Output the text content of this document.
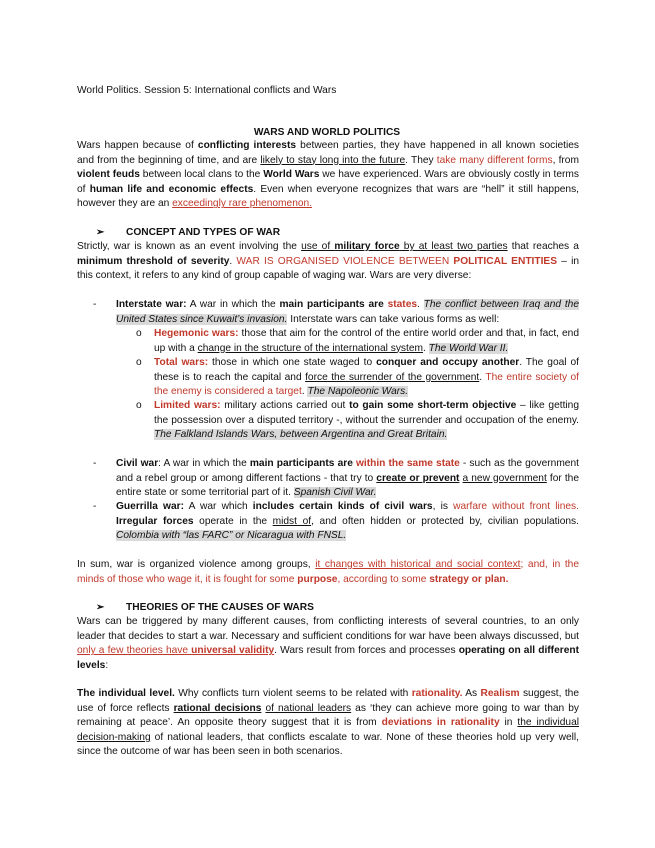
World Politics. Session 5: International conflicts and Wars

WARS AND WORLD POLITICS

Wars happen because of conflicting interests between parties, they have happened in all known societies and from the beginning of time, and are likely to stay long into the future. They take many different forms, from violent feuds between local clans to the World Wars we have experienced. Wars are obviously costly in terms of human life and economic effects. Even when everyone recognizes that wars are “hell” it still happens, however they are an exceedingly rare phenomenon.

➢ CONCEPT AND TYPES OF WAR

Strictly, war is known as an event involving the use of military force by at least two parties that reaches a minimum threshold of severity. WAR IS ORGANISED VIOLENCE BETWEEN POLITICAL ENTITIES – in this context, it refers to any kind of group capable of waging war. Wars are very diverse:

- Interstate war: A war in which the main participants are states. The conflict between Iraq and the United States since Kuwait’s invasion. Interstate wars can take various forms as well:

o Hegemonic wars: those that aim for the control of the entire world order and that, in fact, end up with a change in the structure of the international system. The World War II.

o Total wars: those in which one state waged to conquer and occupy another. The goal of these is to reach the capital and force the surrender of the government. The entire society of the enemy is considered a target. The Napoleonic Wars.

o Limited wars: military actions carried out to gain some short-term objective – like getting the possession over a disputed territory -, without the surrender and occupation of the enemy. The Falkland Islands Wars, between Argentina and Great Britain.

- Civil war: A war in which the main participants are within the same state - such as the government and a rebel group or among different factions - that try to create or prevent a new government for the entire state or some territorial part of it. Spanish Civil War.

- Guerrilla war: A war which includes certain kinds of civil wars, is warfare without front lines. Irregular forces operate in the midst of, and often hidden or protected by, civilian populations. Colombia with “las FARC” or Nicaragua with FNSL.

In sum, war is organized violence among groups, it changes with historical and social context; and, in the minds of those who wage it, it is fought for some purpose, according to some strategy or plan.

➢ THEORIES OF THE CAUSES OF WARS

Wars can be triggered by many different causes, from conflicting interests of several countries, to an only leader that decides to start a war. Necessary and sufficient conditions for war have been always discussed, but only a few theories have universal validity. Wars result from forces and processes operating on all different levels:

The individual level. Why conflicts turn violent seems to be related with rationality. As Realism suggest, the use of force reflects rational decisions of national leaders as ‘they can achieve more going to war than by remaining at peace’. An opposite theory suggest that it is from deviations in rationality in the individual decision-making of national leaders, that conflicts escalate to war. None of these theories hold up very well, since the outcome of war has been seen in both scenarios.
